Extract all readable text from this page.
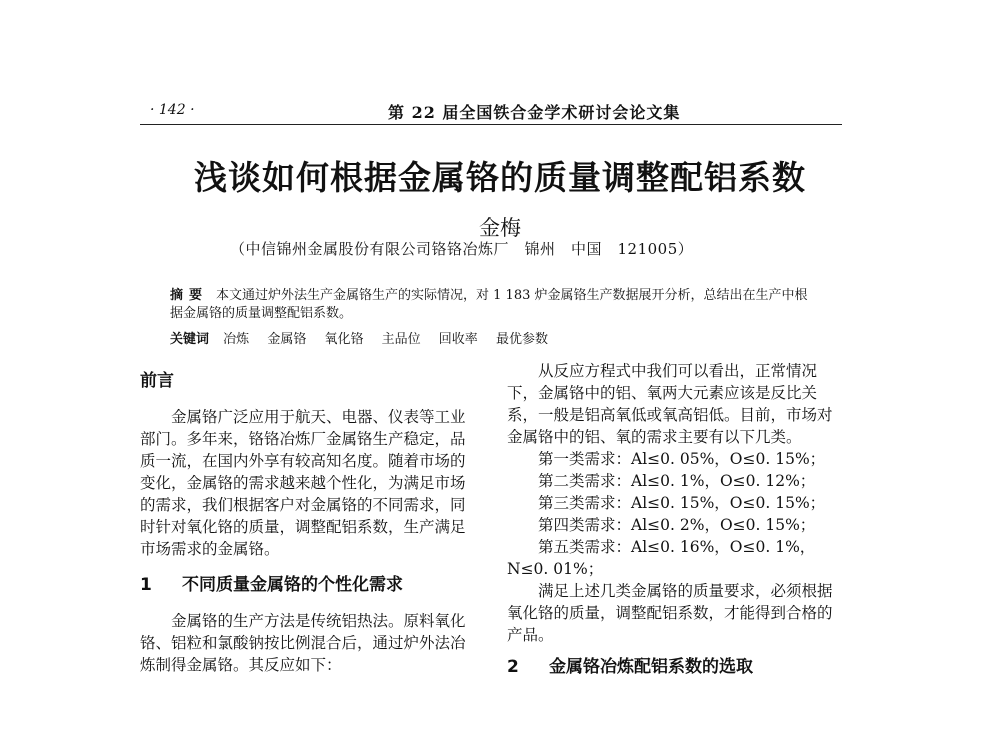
· 142 ·	第 22 届全国铁合金学术研讨会论文集
浅谈如何根据金属铬的质量调整配铝系数
金梅
（中信锦州金属股份有限公司铬铬冶炼厂　锦州　中国　121005）

摘要 本文通过炉外法生产金属铬生产的实际情况，对 1 183 炉金属铬生产数据展开分析，总结出在生产中根据金属铬的质量调整配铝系数。

关键词 冶炼 金属铬 氧化铬 主品位 回收率 最优参数

前言

金属铬广泛应用于航天、电器、仪表等工业部门。多年来，铬铬冶炼厂金属铬生产稳定，品质一流，在国内外享有较高知名度。随着市场的变化，金属铬的需求越来越个性化，为满足市场的需求，我们根据客户对金属铬的不同需求，同时针对氧化铬的质量，调整配铝系数，生产满足市场需求的金属铬。

1 不同质量金属铬的个性化需求

金属铬的生产方法是传统铝热法。原料氧化铬、铝粒和氯酸钠按比例混合后，通过炉外法冶炼制得金属铬。其反应如下：

从反应方程式中我们可以看出，正常情况下，金属铬中的铝、氧两大元素应该是反比关系，一般是铝高氧低或氧高铝低。目前，市场对金属铬中的铝、氧的需求主要有以下几类。

第一类需求：Al≤0. 05%，O≤0. 15%；

第二类需求：Al≤0. 1%，O≤0. 12%；

第三类需求：Al≤0. 15%，O≤0. 15%；

第四类需求：Al≤0. 2%，O≤0. 15%；

第五类需求：Al≤0. 16%，O≤0. 1%，N≤0. 01%；

满足上述几类金属铬的质量要求，必须根据氧化铬的质量，调整配铝系数，才能得到合格的产品。

2 金属铬冶炼配铝系数的选取
